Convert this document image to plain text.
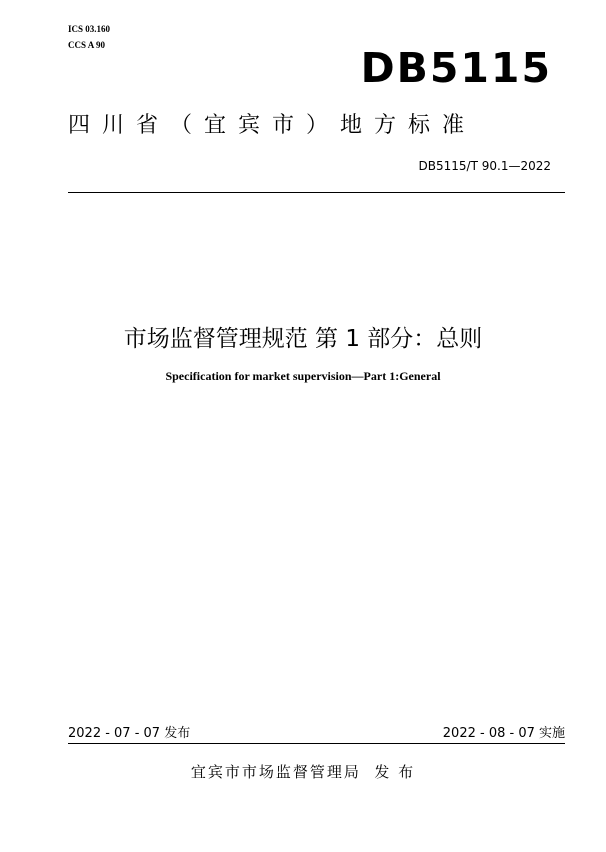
ICS 03.160
CCS A 90	DB5115
四川省（宜宾市）地方标准
DB5115/T 90.1—2022
市场监督管理规范 第 1 部分：总则
Specification for market supervision—Part 1:General
2022 - 07 - 07 发布	2022 - 08 - 07 实施
宜宾市市场监督管理局  发 布
